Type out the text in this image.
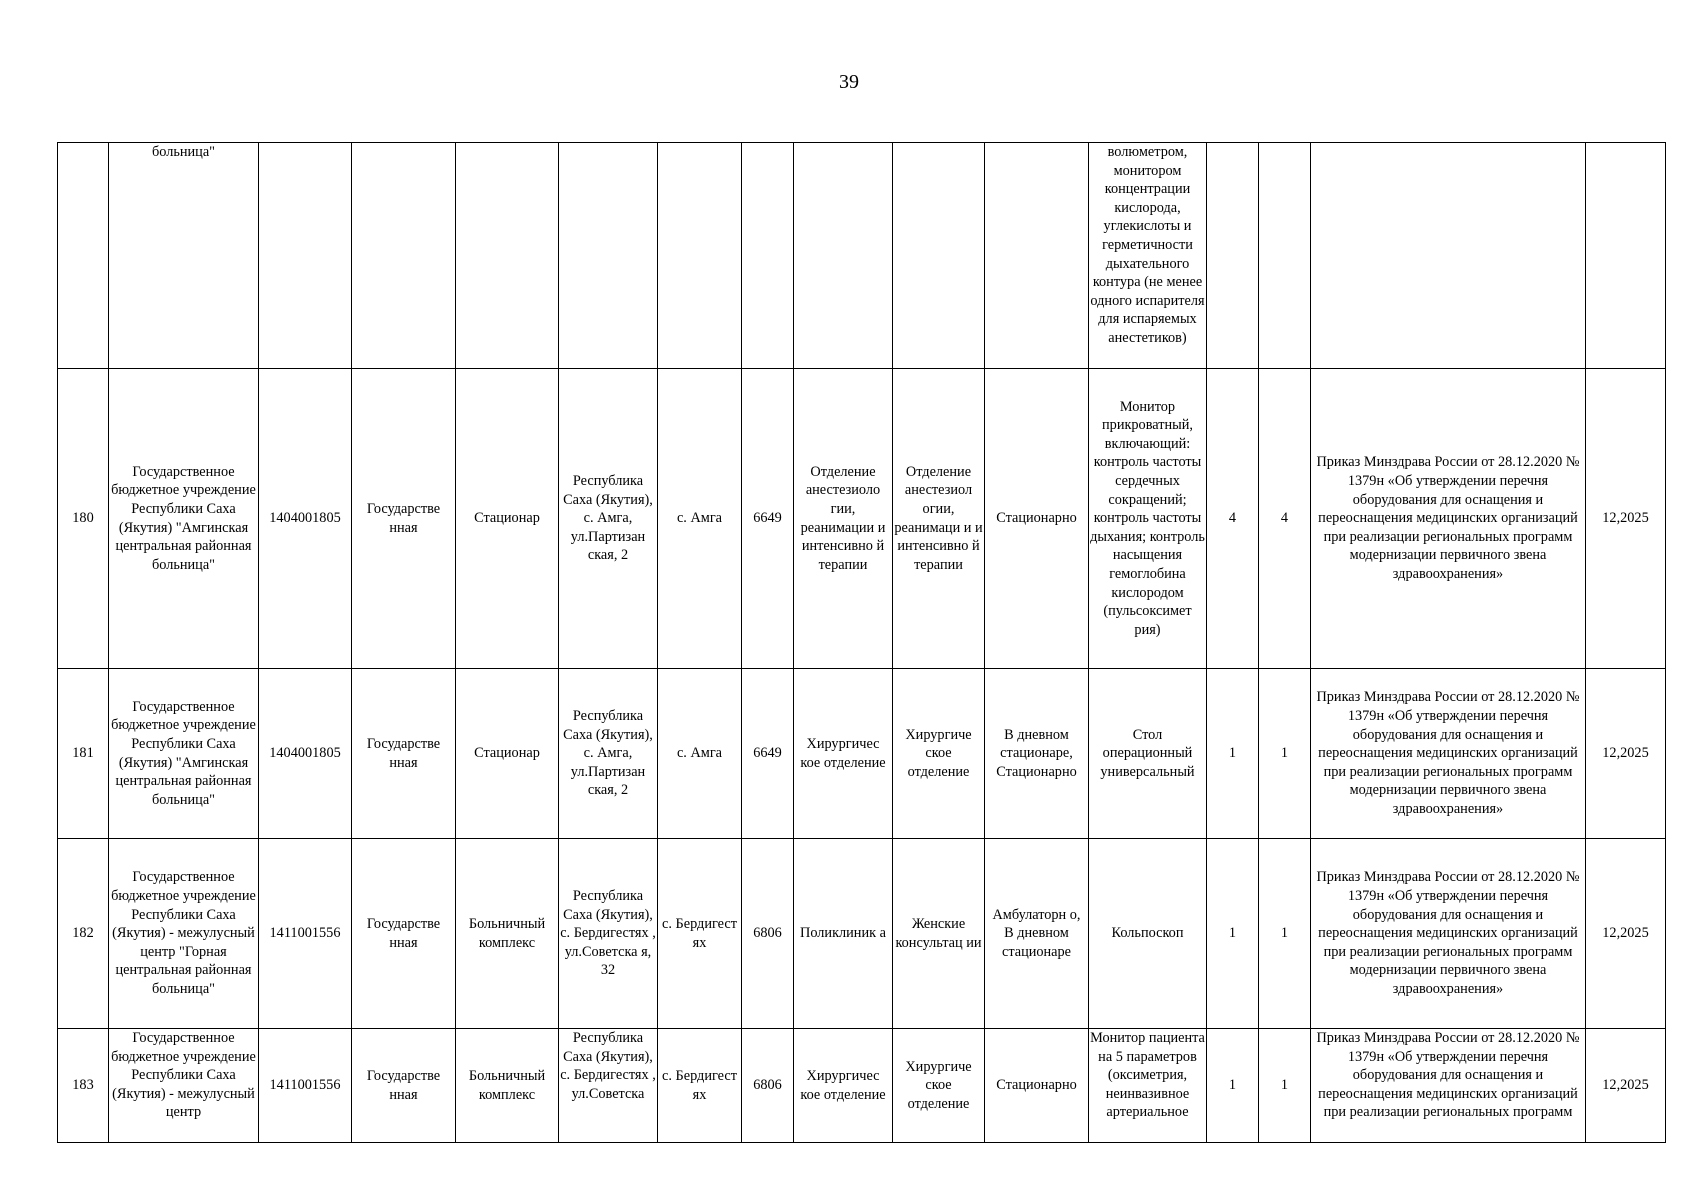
39
	больница"										волюметром, монитором концентрации кислорода, углекислоты и герметичности дыхательного контура (не менее одного испарителя для испаряемых анестетиков)				
180	Государственное бюджетное учреждение Республики Саха (Якутия) "Амгинская центральная районная больница"	1404001805	Государстве нная	Стационар	Республика Саха (Якутия), с. Амга, ул.Партизан ская, 2	с. Амга	6649	Отделение анестезиоло гии, реанимации и интенсивно й терапии	Отделение анестезиол огии, реанимаци и и интенсивно й терапии	Стационарно	Монитор прикроватный, включающий: контроль частоты сердечных сокращений; контроль частоты дыхания; контроль насыщения гемоглобина кислородом (пульсоксимет рия)	4	4	Приказ Минздрава России от 28.12.2020 № 1379н «Об утверждении перечня оборудования для оснащения и переоснащения медицинских организаций при реализации региональных программ модернизации первичного звена здравоохранения»	12,2025
181	Государственное бюджетное учреждение Республики Саха (Якутия) "Амгинская центральная районная больница"	1404001805	Государстве нная	Стационар	Республика Саха (Якутия), с. Амга, ул.Партизан ская, 2	с. Амга	6649	Хирургичес кое отделение	Хирургиче ское отделение	В дневном стационаре, Стационарно	Стол операционный универсальный	1	1	Приказ Минздрава России от 28.12.2020 № 1379н «Об утверждении перечня оборудования для оснащения и переоснащения медицинских организаций при реализации региональных программ модернизации первичного звена здравоохранения»	12,2025
182	Государственное бюджетное учреждение Республики Саха (Якутия) - межулусный центр "Горная центральная районная больница"	1411001556	Государстве нная	Больничный комплекс	Республика Саха (Якутия), с. Бердигестях , ул.Советска я, 32	с. Бердигест ях	6806	Поликлиник а	Женские консультац ии	Амбулаторн о, В дневном стационаре	Кольпоскоп	1	1	Приказ Минздрава России от 28.12.2020 № 1379н «Об утверждении перечня оборудования для оснащения и переоснащения медицинских организаций при реализации региональных программ модернизации первичного звена здравоохранения»	12,2025
183	Государственное бюджетное учреждение Республики Саха (Якутия) - межулусный центр	1411001556	Государстве нная	Больничный комплекс	Республика Саха (Якутия), с. Бердигестях , ул.Советска	с. Бердигест ях	6806	Хирургичес кое отделение	Хирургиче ское отделение	Стационарно	Монитор пациента на 5 параметров (оксиметрия, неинвазивное артериальное	1	1	Приказ Минздрава России от 28.12.2020 № 1379н «Об утверждении перечня оборудования для оснащения и переоснащения медицинских организаций при реализации региональных программ	12,2025
